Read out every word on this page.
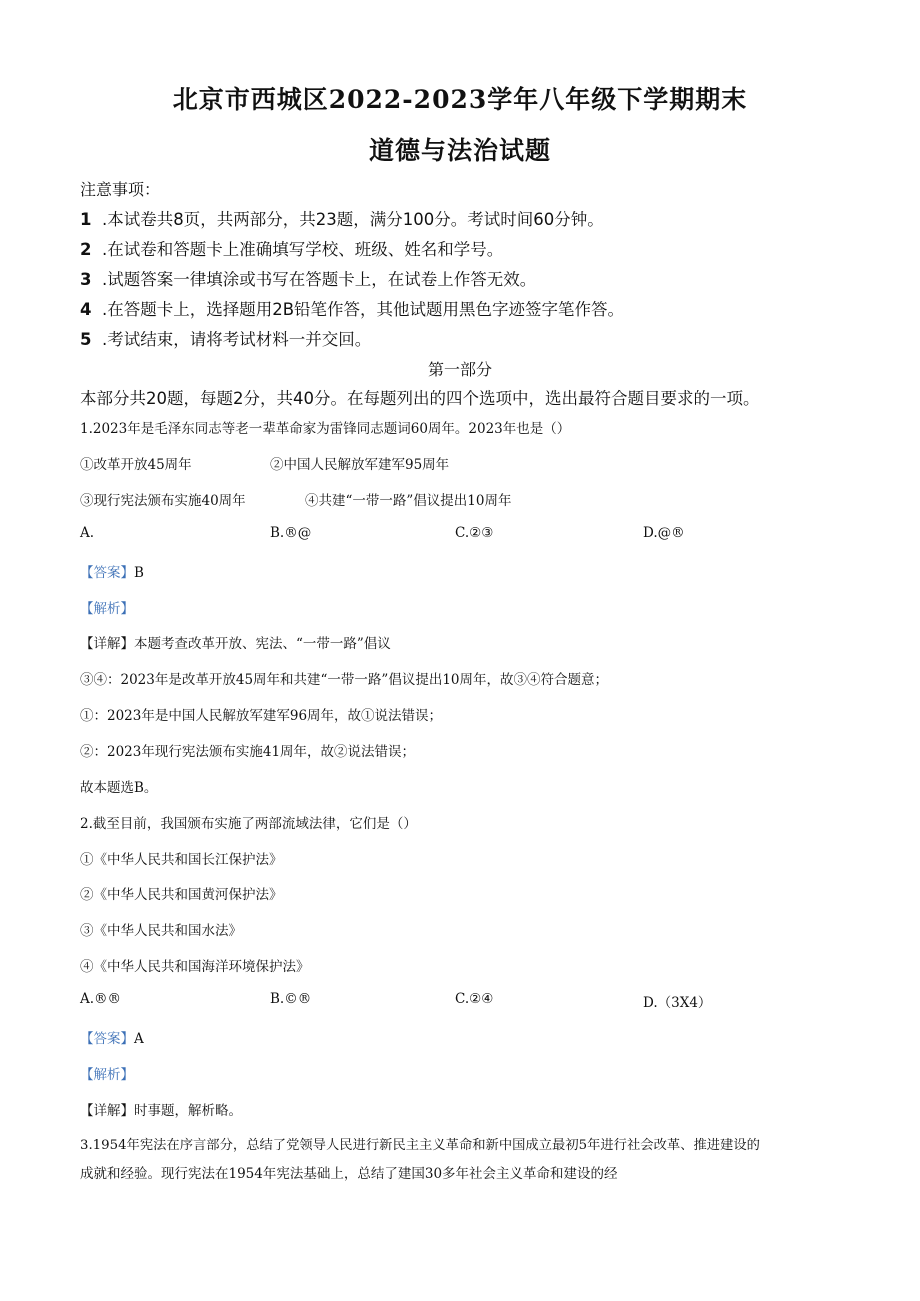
北京市西城区2022-2023学年八年级下学期期末
道德与法治试题
注意事项：
1 .本试卷共8页，共两部分，共23题，满分100分。考试时间60分钟。
2 .在试卷和答题卡上准确填写学校、班级、姓名和学号。
3 .试题答案一律填涂或书写在答题卡上，在试卷上作答无效。
4 .在答题卡上，选择题用2B铅笔作答，其他试题用黑色字迹签字笔作答。
5 .考试结束，请将考试材料一并交回。
第一部分
本部分共20题，每题2分，共40分。在每题列出的四个选项中，选出最符合题目要求的一项。
1.2023年是毛泽东同志等老一辈革命家为雷锋同志题词60周年。2023年也是（）
①改革开放45周年	②中国人民解放军建军95周年
③现行宪法颁布实施40周年	④共建“一带一路”倡议提出10周年
A.	B.®@	C.②③	D.@®
【答案】B
【解析】
【详解】本题考查改革开放、宪法、“一带一路”倡议
③④：2023年是改革开放45周年和共建“一带一路”倡议提出10周年，故③④符合题意；
①：2023年是中国人民解放军建军96周年，故①说法错误；
②：2023年现行宪法颁布实施41周年，故②说法错误；
故本题选B。
2.截至目前，我国颁布实施了两部流域法律，它们是（）
①《中华人民共和国长江保护法》
②《中华人民共和国黄河保护法》
③《中华人民共和国水法》
④《中华人民共和国海洋环境保护法》
A.®®	B.©®	C.②④	D.（3X4）
【答案】A
【解析】
【详解】时事题，解析略。
3.1954年宪法在序言部分，总结了党领导人民进行新民主主义革命和新中国成立最初5年进行社会改革、推进建设的
成就和经验。现行宪法在1954年宪法基础上，总结了建国30多年社会主义革命和建设的经
